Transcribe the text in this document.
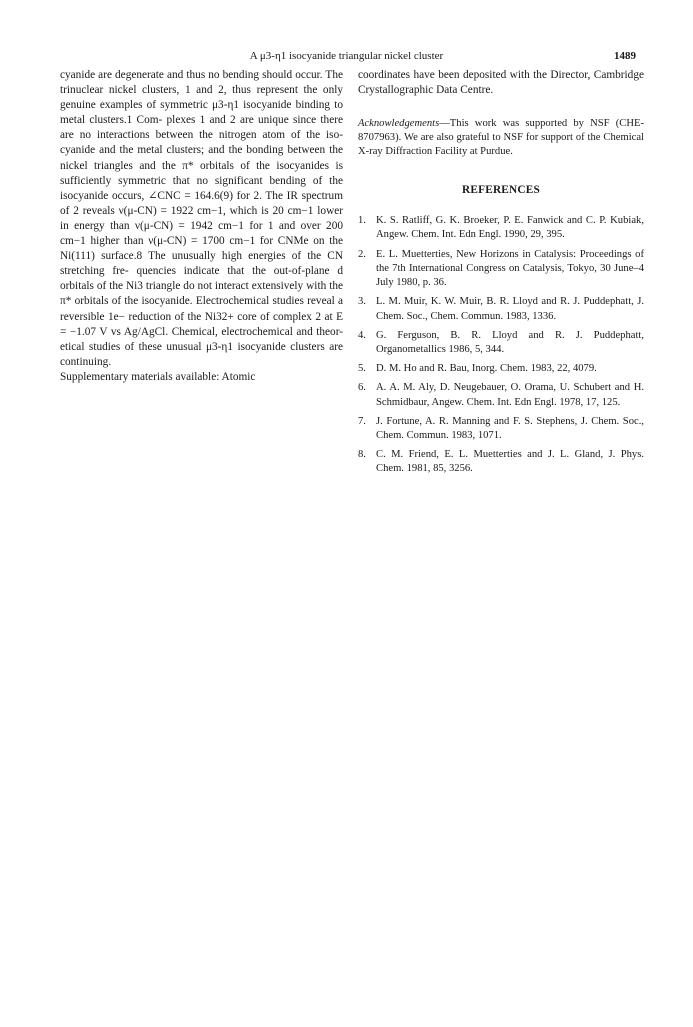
A μ3-η1 isocyanide triangular nickel cluster	1489

cyanide are degenerate and thus no bending should occur. The trinuclear nickel clusters, 1 and 2, thus represent the only genuine examples of symmetric μ3-η1 isocyanide binding to metal clusters.1 Com- plexes 1 and 2 are unique since there are no interactions between the nitrogen atom of the iso- cyanide and the metal clusters; and the bonding between the nickel triangles and the π* orbitals of the isocyanides is sufficiently symmetric that no significant bending of the isocyanide occurs, ∠CNC = 164.6(9) for 2. The IR spectrum of 2 reveals ν(μ-CN) = 1922 cm−1, which is 20 cm−1 lower in energy than ν(μ-CN) = 1942 cm−1 for 1 and over 200 cm−1 higher than ν(μ-CN) = 1700 cm−1 for CNMe on the Ni(111) surface.8 The unusually high energies of the CN stretching fre- quencies indicate that the out-of-plane d orbitals of the Ni3 triangle do not interact extensively with the π* orbitals of the isocyanide. Electrochemical studies reveal a reversible 1e− reduction of the Ni32+ core of complex 2 at E = −1.07 V vs Ag/AgCl. Chemical, electrochemical and theor- etical studies of these unusual μ3-η1 isocyanide clusters are continuing.

Supplementary materials available: Atomic

coordinates have been deposited with the Director, Cambridge Crystallographic Data Centre.

Acknowledgements—This work was supported by NSF (CHE-8707963). We are also grateful to NSF for support of the Chemical X-ray Diffraction Facility at Purdue.

REFERENCES
1. K. S. Ratliff, G. K. Broeker, P. E. Fanwick and C. P. Kubiak, Angew. Chem. Int. Edn Engl. 1990, 29, 395.
2. E. L. Muetterties, New Horizons in Catalysis: Proceedings of the 7th International Congress on Catalysis, Tokyo, 30 June–4 July 1980, p. 36.
3. L. M. Muir, K. W. Muir, B. R. Lloyd and R. J. Puddephatt, J. Chem. Soc., Chem. Commun. 1983, 1336.
4. G. Ferguson, B. R. Lloyd and R. J. Puddephatt, Organometallics 1986, 5, 344.
5. D. M. Ho and R. Bau, Inorg. Chem. 1983, 22, 4079.
6. A. A. M. Aly, D. Neugebauer, O. Orama, U. Schubert and H. Schmidbaur, Angew. Chem. Int. Edn Engl. 1978, 17, 125.
7. J. Fortune, A. R. Manning and F. S. Stephens, J. Chem. Soc., Chem. Commun. 1983, 1071.
8. C. M. Friend, E. L. Muetterties and J. L. Gland, J. Phys. Chem. 1981, 85, 3256.
